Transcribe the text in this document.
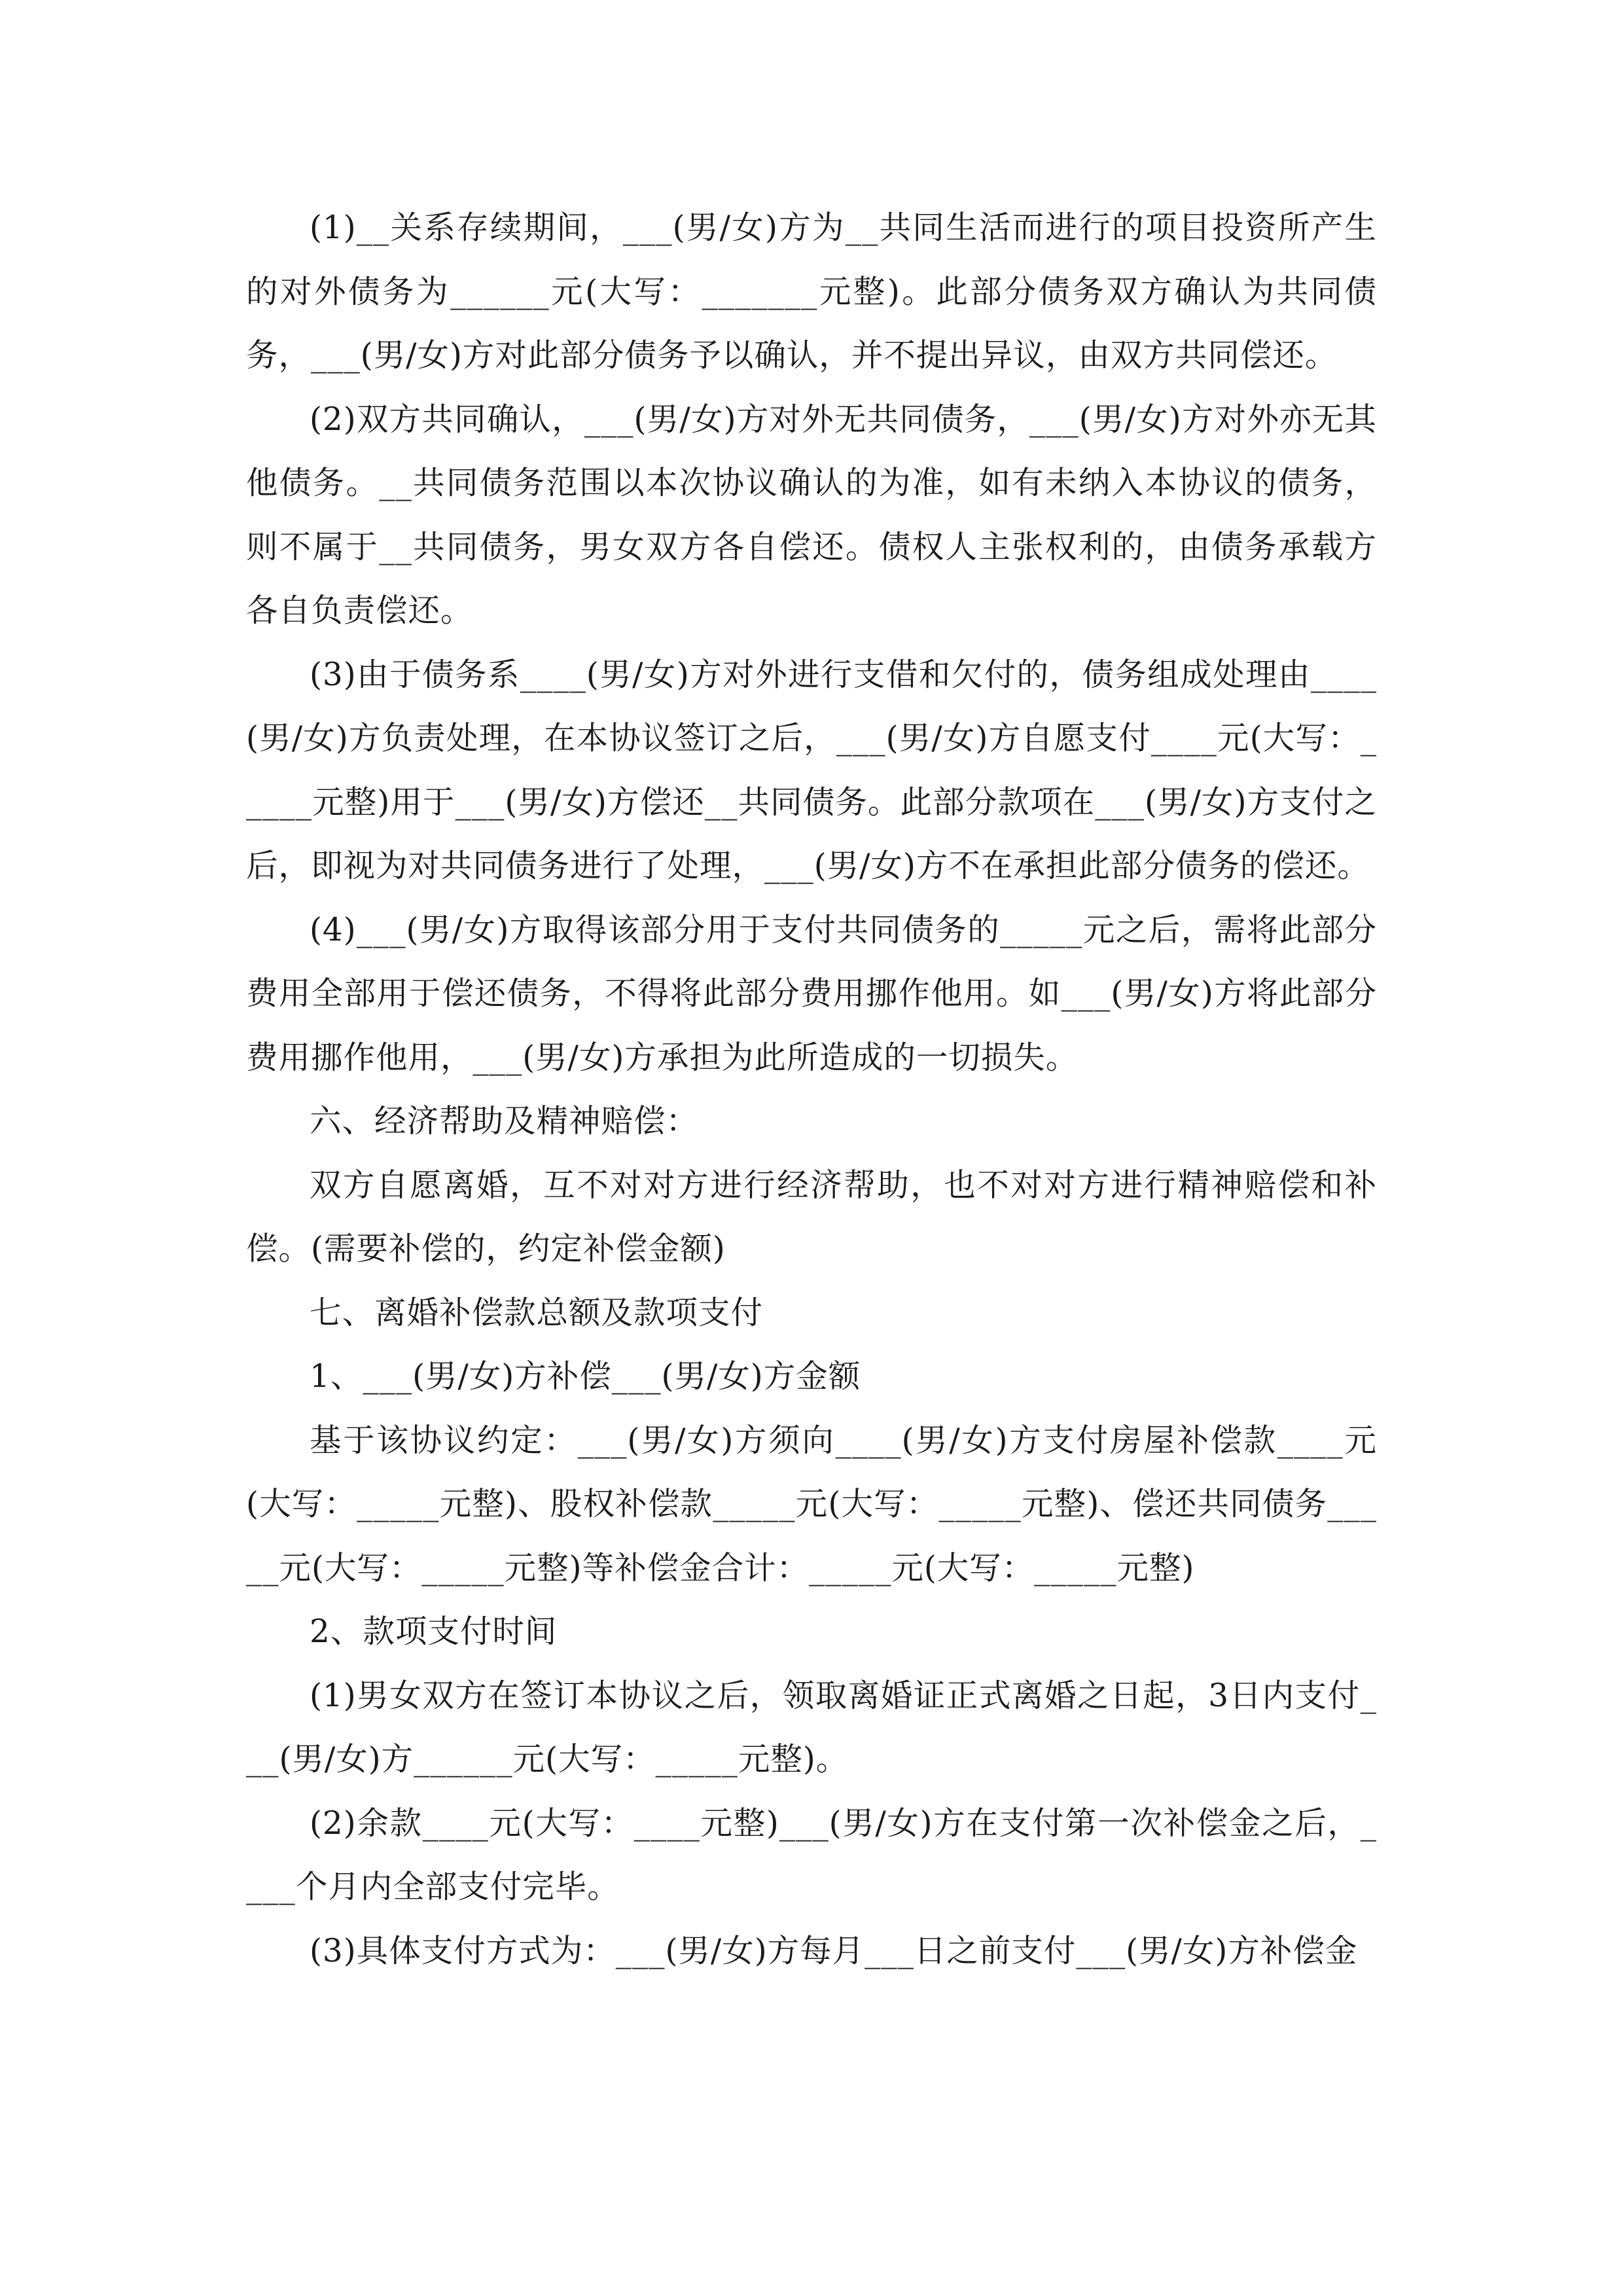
(1)__关系存续期间，___(男/女)方为__共同生活而进行的项目投资所产生的对外债务为______元(大写：_______元整)。此部分债务双方确认为共同债务，___(男/女)方对此部分债务予以确认，并不提出异议，由双方共同偿还。

(2)双方共同确认，___(男/女)方对外无共同债务，___(男/女)方对外亦无其他债务。__共同债务范围以本次协议确认的为准，如有未纳入本协议的债务，则不属于__共同债务，男女双方各自偿还。债权人主张权利的，由债务承载方各自负责偿还。

(3)由于债务系____(男/女)方对外进行支借和欠付的，债务组成处理由____(男/女)方负责处理，在本协议签订之后，___(男/女)方自愿支付____元(大写：_____元整)用于___(男/女)方偿还__共同债务。此部分款项在___(男/女)方支付之后，即视为对共同债务进行了处理，___(男/女)方不在承担此部分债务的偿还。

(4)___(男/女)方取得该部分用于支付共同债务的_____元之后，需将此部分费用全部用于偿还债务，不得将此部分费用挪作他用。如___(男/女)方将此部分费用挪作他用，___(男/女)方承担为此所造成的一切损失。

六、经济帮助及精神赔偿：

双方自愿离婚，互不对对方进行经济帮助，也不对对方进行精神赔偿和补偿。(需要补偿的，约定补偿金额)

七、离婚补偿款总额及款项支付

1、___(男/女)方补偿___(男/女)方金额

基于该协议约定：___(男/女)方须向____(男/女)方支付房屋补偿款____元(大写：_____元整)、股权补偿款_____元(大写：_____元整)、偿还共同债务_____元(大写：_____元整)等补偿金合计：_____元(大写：_____元整)

2、款项支付时间

(1)男女双方在签订本协议之后，领取离婚证正式离婚之日起，3日内支付___(男/女)方______元(大写：_____元整)。

(2)余款____元(大写：____元整)___(男/女)方在支付第一次补偿金之后，____个月内全部支付完毕。

(3)具体支付方式为：___(男/女)方每月___日之前支付___(男/女)方补偿金
